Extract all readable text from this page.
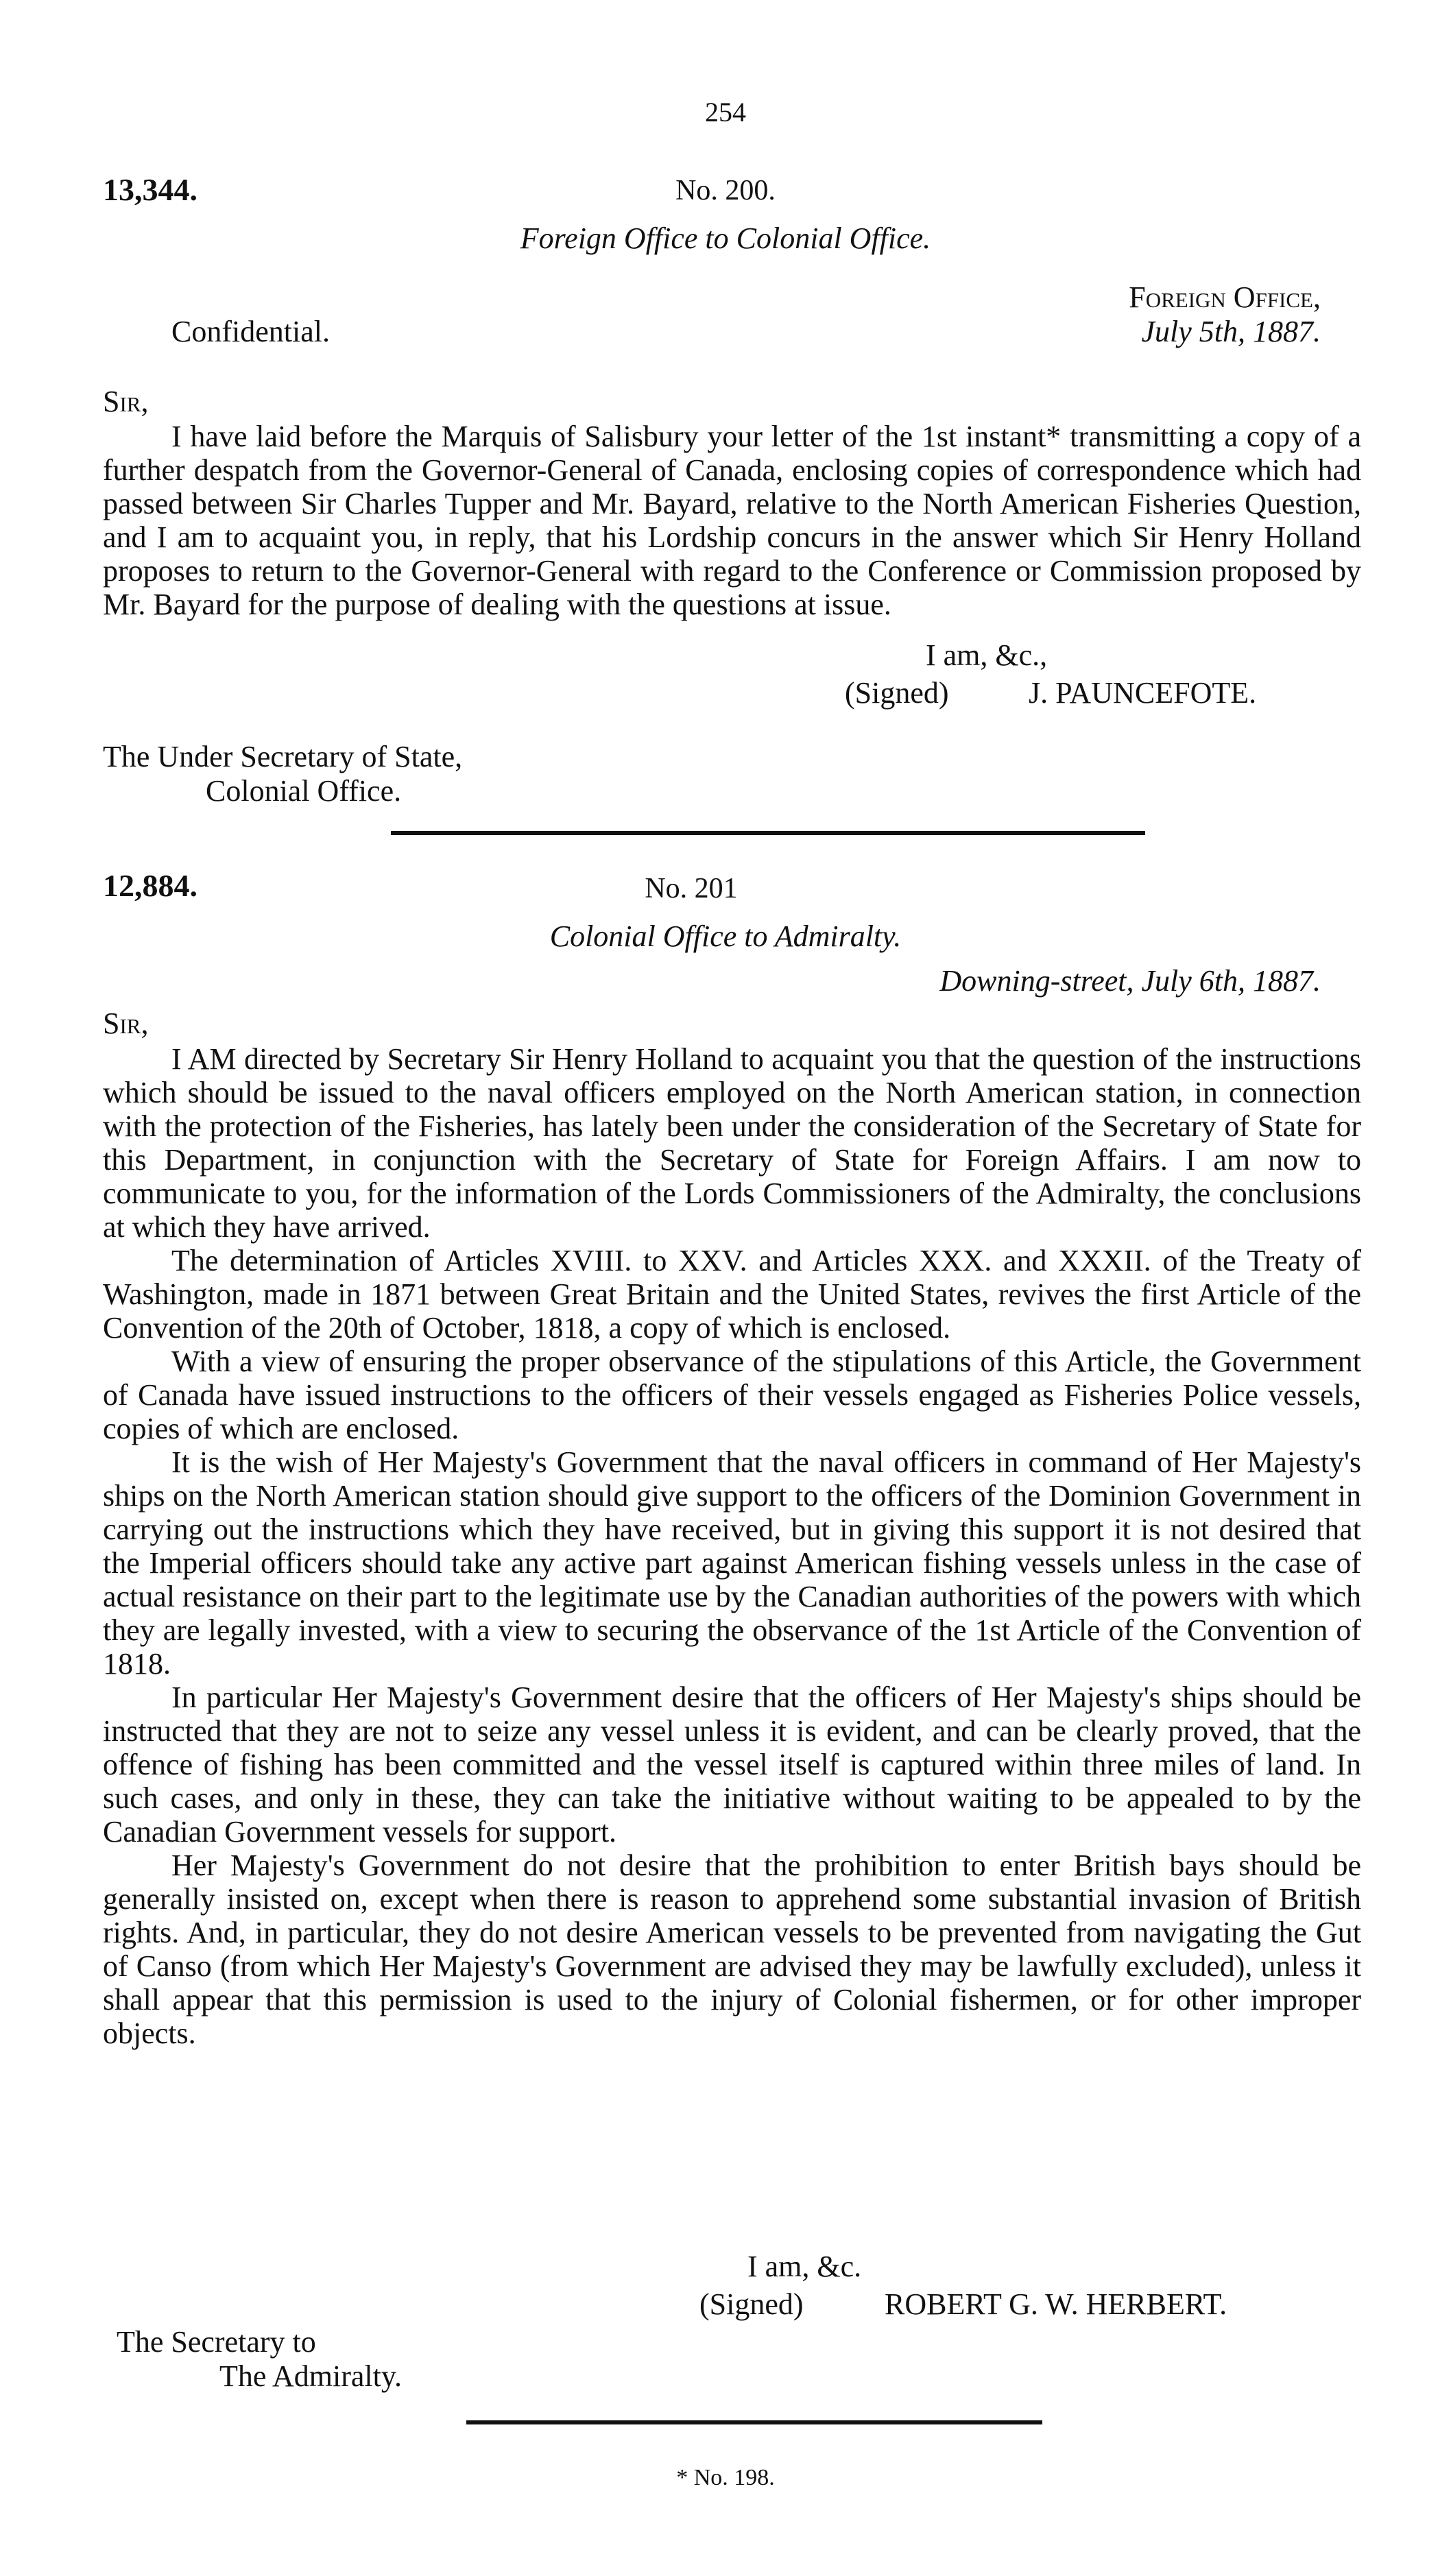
254
13,344.	No. 200.
Foreign Office to Colonial Office.
Foreign Office,
Confidential.	July 5th, 1887.
Sir,

I have laid before the Marquis of Salisbury your letter of the 1st instant* transmitting a copy of a further despatch from the Governor-General of Canada, enclosing copies of correspondence which had passed between Sir Charles Tupper and Mr. Bayard, relative to the North American Fisheries Question, and I am to acquaint you, in reply, that his Lordship concurs in the answer which Sir Henry Holland proposes to return to the Governor-General with regard to the Conference or Commission proposed by Mr. Bayard for the purpose of dealing with the questions at issue.

I am, &c.,
(Signed)	J. PAUNCEFOTE.
The Under Secretary of State,
Colonial Office.
12,884.	No. 201
Colonial Office to Admiralty.
Downing-street, July 6th, 1887.
Sir,

I AM directed by Secretary Sir Henry Holland to acquaint you that the question of the instructions which should be issued to the naval officers employed on the North American station, in connection with the protection of the Fisheries, has lately been under the consideration of the Secretary of State for this Department, in conjunction with the Secretary of State for Foreign Affairs. I am now to communicate to you, for the information of the Lords Commissioners of the Admiralty, the conclusions at which they have arrived.

The determination of Articles XVIII. to XXV. and Articles XXX. and XXXII. of the Treaty of Washington, made in 1871 between Great Britain and the United States, revives the first Article of the Convention of the 20th of October, 1818, a copy of which is enclosed.

With a view of ensuring the proper observance of the stipulations of this Article, the Government of Canada have issued instructions to the officers of their vessels engaged as Fisheries Police vessels, copies of which are enclosed.

It is the wish of Her Majesty's Government that the naval officers in command of Her Majesty's ships on the North American station should give support to the officers of the Dominion Government in carrying out the instructions which they have received, but in giving this support it is not desired that the Imperial officers should take any active part against American fishing vessels unless in the case of actual resistance on their part to the legitimate use by the Canadian authorities of the powers with which they are legally invested, with a view to securing the observance of the 1st Article of the Convention of 1818.

In particular Her Majesty's Government desire that the officers of Her Majesty's ships should be instructed that they are not to seize any vessel unless it is evident, and can be clearly proved, that the offence of fishing has been committed and the vessel itself is captured within three miles of land. In such cases, and only in these, they can take the initiative without waiting to be appealed to by the Canadian Government vessels for support.

Her Majesty's Government do not desire that the prohibition to enter British bays should be generally insisted on, except when there is reason to apprehend some substantial invasion of British rights. And, in particular, they do not desire American vessels to be prevented from navigating the Gut of Canso (from which Her Majesty's Government are advised they may be lawfully excluded), unless it shall appear that this permission is used to the injury of Colonial fishermen, or for other improper objects.

I am, &c.
(Signed)	ROBERT G. W. HERBERT.
The Secretary to
The Admiralty.
* No. 198.
